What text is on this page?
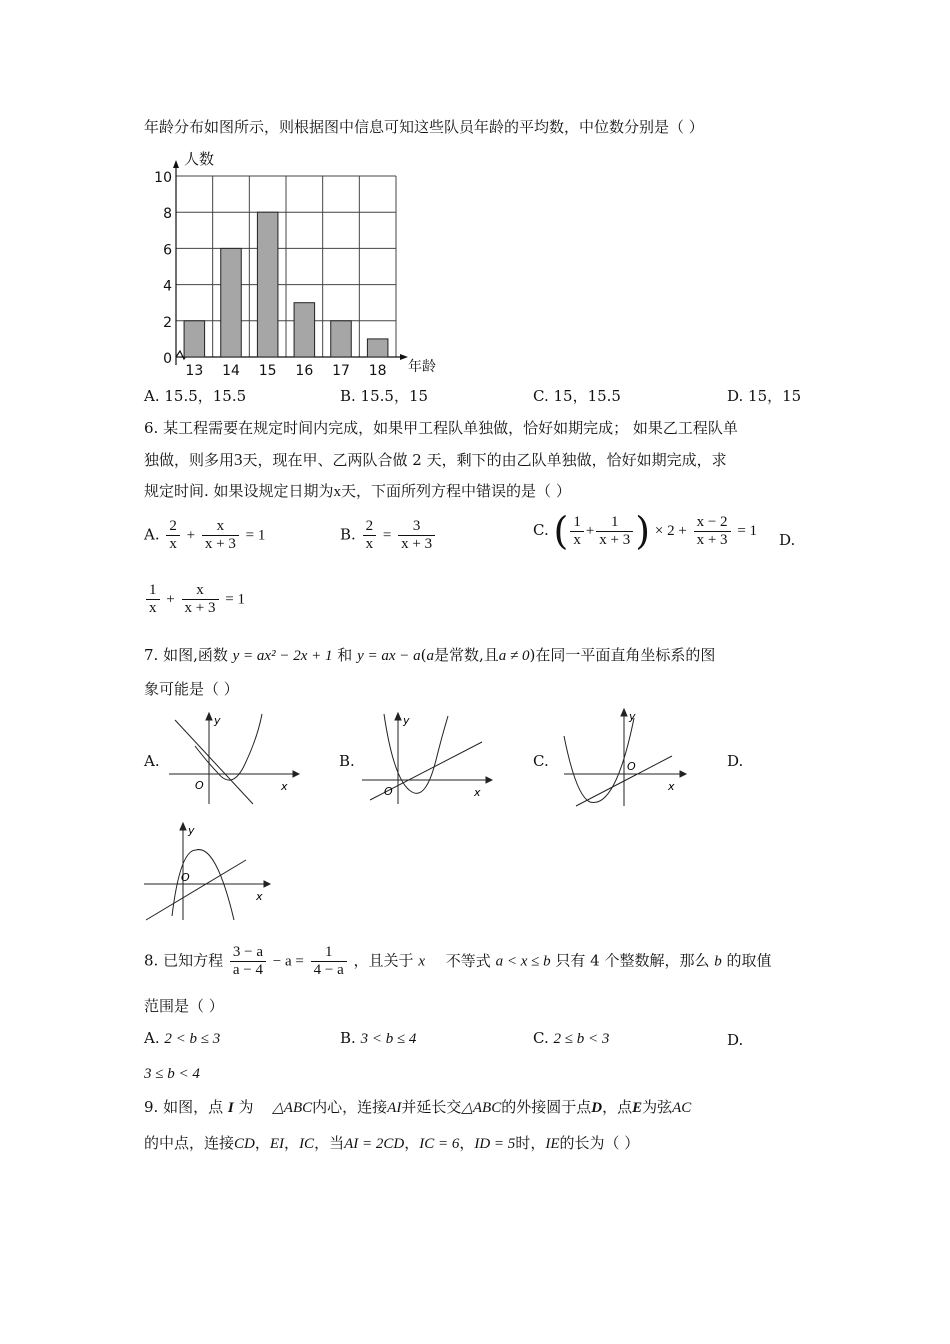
年龄分布如图所示，则根据图中信息可知这些队员年龄的平均数，中位数分别是（ ）
0
2
4
6
8
10
13 14 15 16 17 18
人数
年龄
A. 15.5，15.5	B. 15.5，15	C. 15，15.5	D. 15，15
6. 某工程需要在规定时间内完成，如果甲工程队单独做，恰好如期完成； 如果乙工程队单
独做，则多用3天，现在甲、乙两队合做 2 天，剩下的由乙队单独做，恰好如期完成，求
规定时间. 如果设规定日期为x天，下面所列方程中错误的是（ ）
A. $\frac{2}{x} + \frac{x}{x + 3} = 1$	B. $\frac{2}{x} = \frac{3}{x + 3}$	C. ( $\frac{1}{x} + \frac{1}{x + 3}$ ) × $2 + \frac{x - 2}{x + 3} = 1$ D.
$\frac{1}{x} + \frac{x}{x + 3} = 1$
7. 如图,函数 y = ax² − 2x + 1 和 y = ax − a(a是常数,且a ≠ 0)在同一平面直角坐标系的图
象可能是（ ）
A.
y
x
O
B.
y
x
O
C.
y
x
O	D.
y
x
O
8. 已知方程 $\frac{3 - a}{a - 4} - a = \frac{1}{4 - a}$ ，且关于 x 不等式 a < x ≤ b 只有 4 个整数解，那么 b 的取值
范围是（ ）
A. 2 < b ≤ 3	B. 3 < b ≤ 4	C. 2 ≤ b < 3	D.
3 ≤ b < 4
9. 如图，点 I 为 △ABC内心，连接AI并延长交△ABC的外接圆于点D，点E为弦AC
的中点，连接CD，EI，IC，当AI = 2CD，IC = 6，ID = 5时，IE的长为（ ）
